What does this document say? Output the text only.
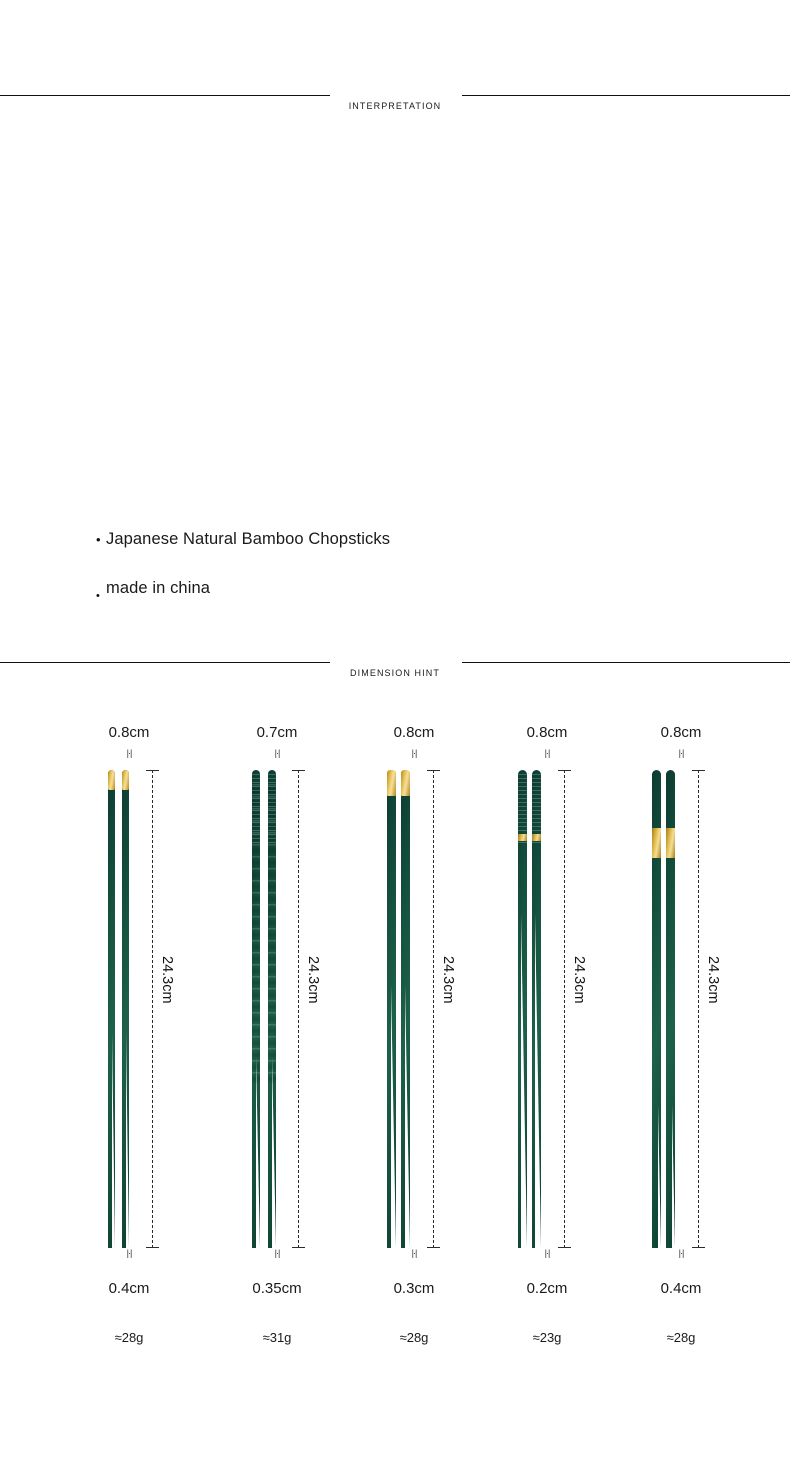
INTERPRETATION
• Japanese Natural Bamboo Chopsticks
• made in china
DIMENSION HINT
0.8cm
|·|
24.3cm
|·|
0.4cm
≈28g
0.7cm
|·|
24.3cm
|·|
0.35cm
≈31g
0.8cm
|·|
24.3cm
|·|
0.3cm
≈28g
0.8cm
|·|
24.3cm
|·|
0.2cm
≈23g
0.8cm
|·|
24.3cm
|·|
0.4cm
≈28g
